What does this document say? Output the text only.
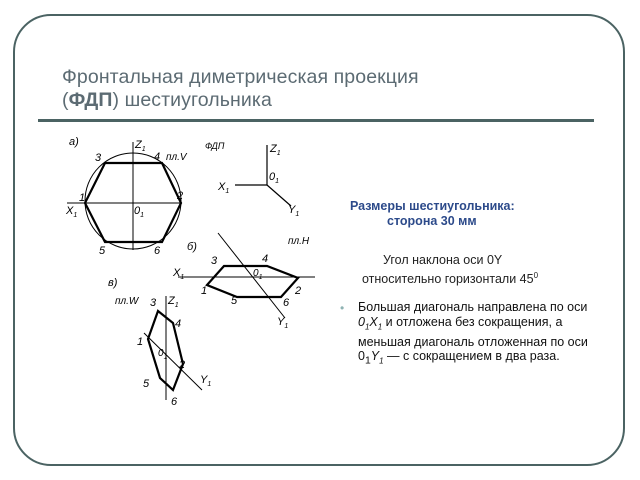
Фронтальная диметрическая проекция
(ФДП) шестиугольника
а)	$Z_1$
3	4 пл.V
1	2
$X_1$	$0_1$
5	6
ФДП	$Z_1$
$0_1$
$X_1$
$Y_1$
б)	пл.Н
3	4
$X_1$	$0_1$
1	2
5	6
$Y_1$
в)
пл.W 3 $Z_1$
4
1
$0_1$
2
5	$Y_1$
6
Размеры шестиугольника:
сторона 30 мм
Угол наклона оси 0Y
относительно горизонтали $45^0$
•	Большая диагональ направлена по оси $0_1X_1$ и отложена без сокращения, а меньшая диагональ отложенная по оси $0_1Y_1$ — с сокращением в два раза.
